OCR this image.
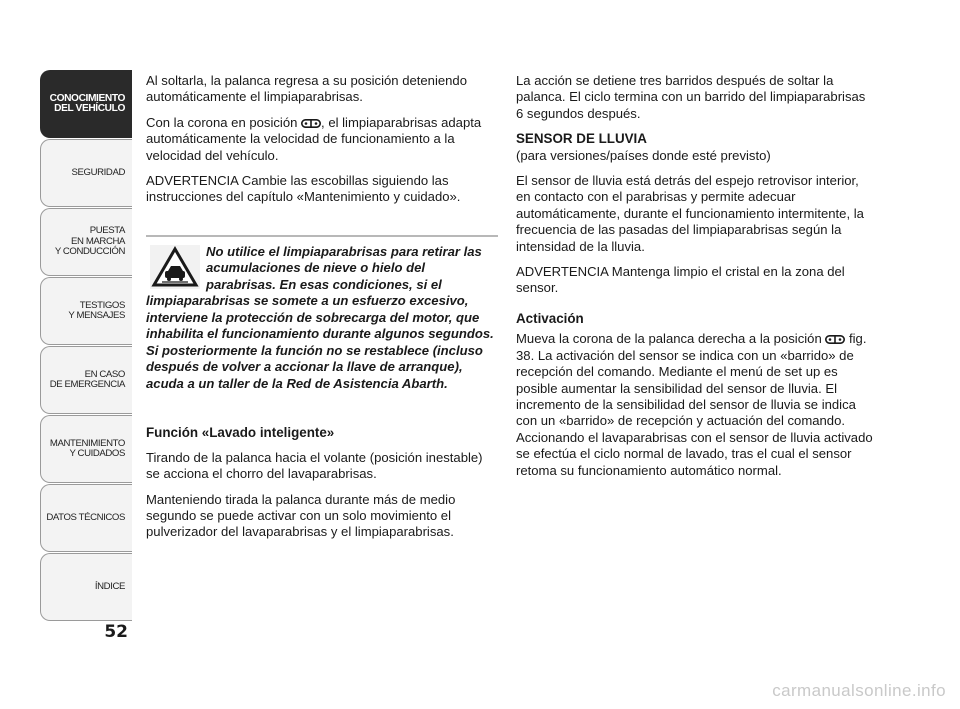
CONOCIMIENTO
DEL VEHÍCULO
SEGURIDAD
PUESTA
EN MARCHA
Y CONDUCCIÓN
TESTIGOS
Y MENSAJES
EN CASO
DE EMERGENCIA
MANTENIMIENTO
Y CUIDADOS
DATOS TÉCNICOS
ÍNDICE
52

Al soltarla, la palanca regresa a su posición deteniendo automáticamente el limpiaparabrisas.

Con la corona en posición , el limpiaparabrisas adapta automáticamente la velocidad de funcionamiento a la velocidad del vehículo.

ADVERTENCIA Cambie las escobillas siguiendo las instrucciones del capítulo «Mantenimiento y cuidado».

No utilice el limpiaparabrisas para retirar las acumulaciones de nieve o hielo del parabrisas. En esas condiciones, si el limpiaparabrisas se somete a un esfuerzo excesivo, interviene la protección de sobrecarga del motor, que inhabilita el funcionamiento durante algunos segundos. Si posteriormente la función no se restablece (incluso después de volver a accionar la llave de arranque), acuda a un taller de la Red de Asistencia Abarth.

Función «Lavado inteligente»

Tirando de la palanca hacia el volante (posición inestable) se acciona el chorro del lavaparabrisas.

Manteniendo tirada la palanca durante más de medio segundo se puede activar con un solo movimiento el pulverizador del lavaparabrisas y el limpiaparabrisas.

La acción se detiene tres barridos después de soltar la palanca. El ciclo termina con un barrido del limpiaparabrisas 6 segundos después.

SENSOR DE LLUVIA

(para versiones/países donde esté previsto)

El sensor de lluvia está detrás del espejo retrovisor interior, en contacto con el parabrisas y permite adecuar automáticamente, durante el funcionamiento intermitente, la frecuencia de las pasadas del limpiaparabrisas según la intensidad de la lluvia.

ADVERTENCIA Mantenga limpio el cristal en la zona del sensor.

Activación

Mueva la corona de la palanca derecha a la posición  fig. 38. La activación del sensor se indica con un «barrido» de recepción del comando. Mediante el menú de set up es posible aumentar la sensibilidad del sensor de lluvia. El incremento de la sensibilidad del sensor de lluvia se indica con un «barrido» de recepción y actuación del comando. Accionando el lavaparabrisas con el sensor de lluvia activado se efectúa el ciclo normal de lavado, tras el cual el sensor retoma su funcionamiento automático normal.

carmanualsonline.info
